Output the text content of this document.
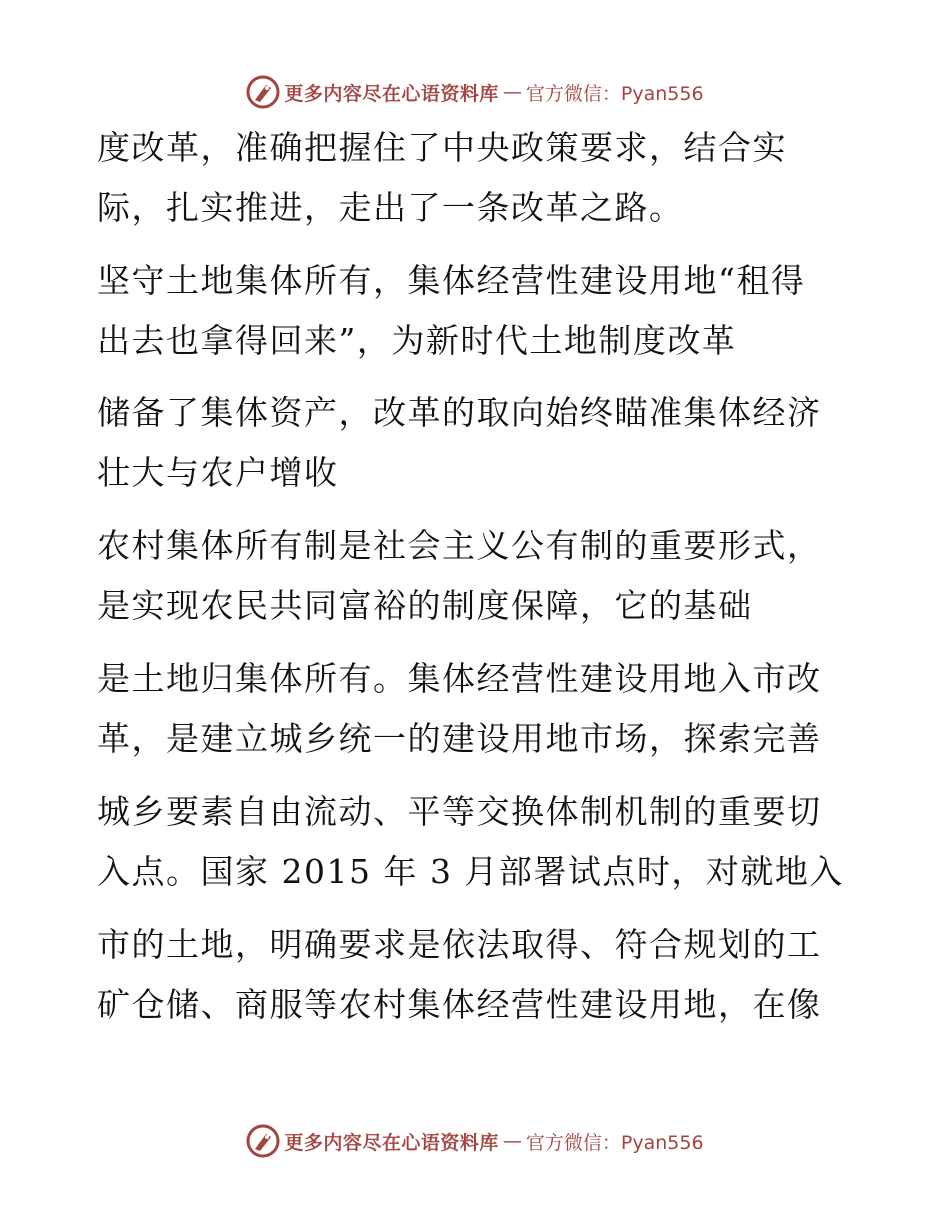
更多内容尽在心语资料库 — 官方微信：Pyan556
度改革，准确把握住了中央政策要求，结合实
际，扎实推进，走出了一条改革之路。
坚守土地集体所有，集体经营性建设用地“租得
出去也拿得回来”，为新时代土地制度改革
储备了集体资产，改革的取向始终瞄准集体经济
壮大与农户增收
农村集体所有制是社会主义公有制的重要形式，
是实现农民共同富裕的制度保障，它的基础
是土地归集体所有。集体经营性建设用地入市改
革，是建立城乡统一的建设用地市场，探索完善
城乡要素自由流动、平等交换体制机制的重要切
入点。国家 2015 年 3 月部署试点时，对就地入
市的土地，明确要求是依法取得、符合规划的工
矿仓储、商服等农村集体经营性建设用地，在像
更多内容尽在心语资料库 — 官方微信：Pyan556
